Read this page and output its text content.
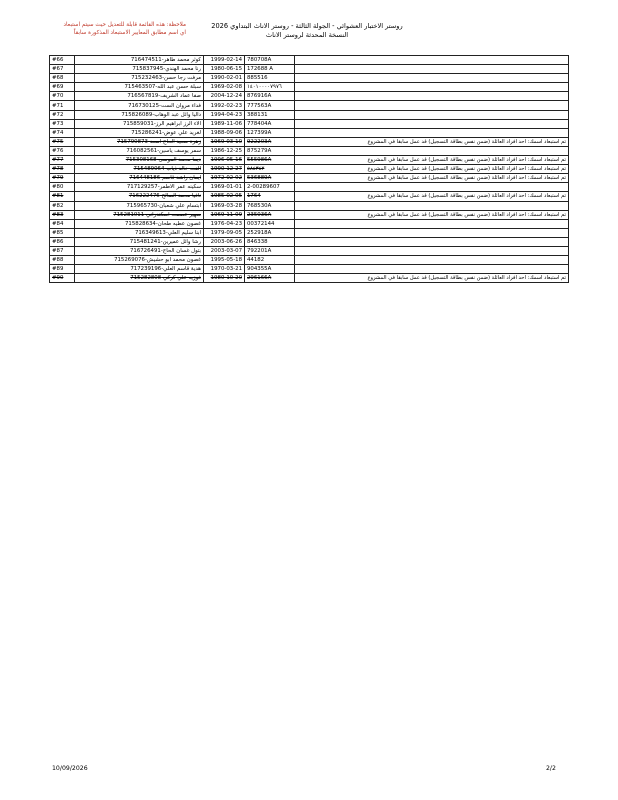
روستر الاختبار العشوائي - الجولة الثالثة - روستر الاناث البتداوي 2026
النسخة المحدثة لروستر الاناث
ملاحظة: هذه القائمة قابلة للتعديل حيث سيتم استبعاد
اي اسم مطابق المعايير الاستبعاد المذكورة سابقاً
#66	كوثر محمد طاهر-716474511	1999-02-14	780708A	
#67	رنا محمد الهندي-715837945	1980-06-15	172688 A	
#68	مرفت رجا حسن-715232463	1990-02-01	885516	
#69	سبلة حسن عبد الله-715463507	1969-02-08	١٤٠١٠٠٠٠٧٩٧٦	
#70	صفا عماد الشريف-716567819	2004-12-24	876916A	
#71	فداء مروان الست-716730125	1992-02-23	777563A	
#72	داليا وائل عبد الوهاب-715826089	1994-04-23	388131	
#73	الاء الرز ابراهيم الرز-715859031	1989-11-06	778404A	
#74	لغريد علي عوض-715286241	1988-09-06	127399A	
#75	زهرة سعيد الحاج اسعد-715790873	1969-03-10	922203A	تم استبعاد اسمك: احد افراد العائلة (ضمن نفس بطاقة التسجيل) قد عمل سابقا في المشروع
#76	سمر يوسف ياسين-716082561	1986-12-25	875279A	
#77	ديما محمد الموسى-715308168	1996-05-16	555986A	تم استبعاد اسمك: احد افراد العائلة (ضمن نفس بطاقة التسجيل) قد عمل سابقا في المشروع
#78	الفت خالد ذياب-715489064	1990-12-27	٥٨٤٣٤٢	تم استبعاد اسمك: احد افراد العائلة (ضمن نفس بطاقة التسجيل) قد عمل سابقا في المشروع
#79	ايمان راشد قاسم-716448186	1972-02-02	536889A	تم استبعاد اسمك: احد افراد العائلة (ضمن نفس بطاقة التسجيل) قد عمل سابقا في المشروع
#80	سكينه عمر الاطمر-717129257	1969-01-01	2-00289607	
#81	نافيا محمد الصالح-716222476	1985-02-05	1764	تم استبعاد اسمك: احد افراد العائلة (ضمن نفس بطاقة التسجيل) قد عمل سابقا في المشروع
#82	ابتسام علي شعبان-715965730	1969-03-28	768530A	
#83	سهير عصمت اسكندراني-715281011	1969-11-09	235036A	تم استبعاد اسمك: احد افراد العائلة (ضمن نفس بطاقة التسجيل) قد عمل سابقا في المشروع
#84	غصون عطيه طحان-715828634	1976-04-23	00372144	
#85	ابنا سليم العلي-716349613	1979-09-05	252918A	
#86	رشا وائل عميرين-715481241	2003-06-26	846338	
#87	بتول غسان الحاج-716726491	2003-03-07	792201A	
#88	غصون محمد ابو حشيش-715269076	1995-05-18	44182	
#89	هدية قاسم العلي-717239196	1970-03-21	904355A	
#90	فوزيه علي كركي-715282808	1980-10-20	296166A	تم استبعاد اسمك: احد افراد العائلة (ضمن نفس بطاقة التسجيل) قد عمل سابقا في المشروع
10/09/2026	2/2
